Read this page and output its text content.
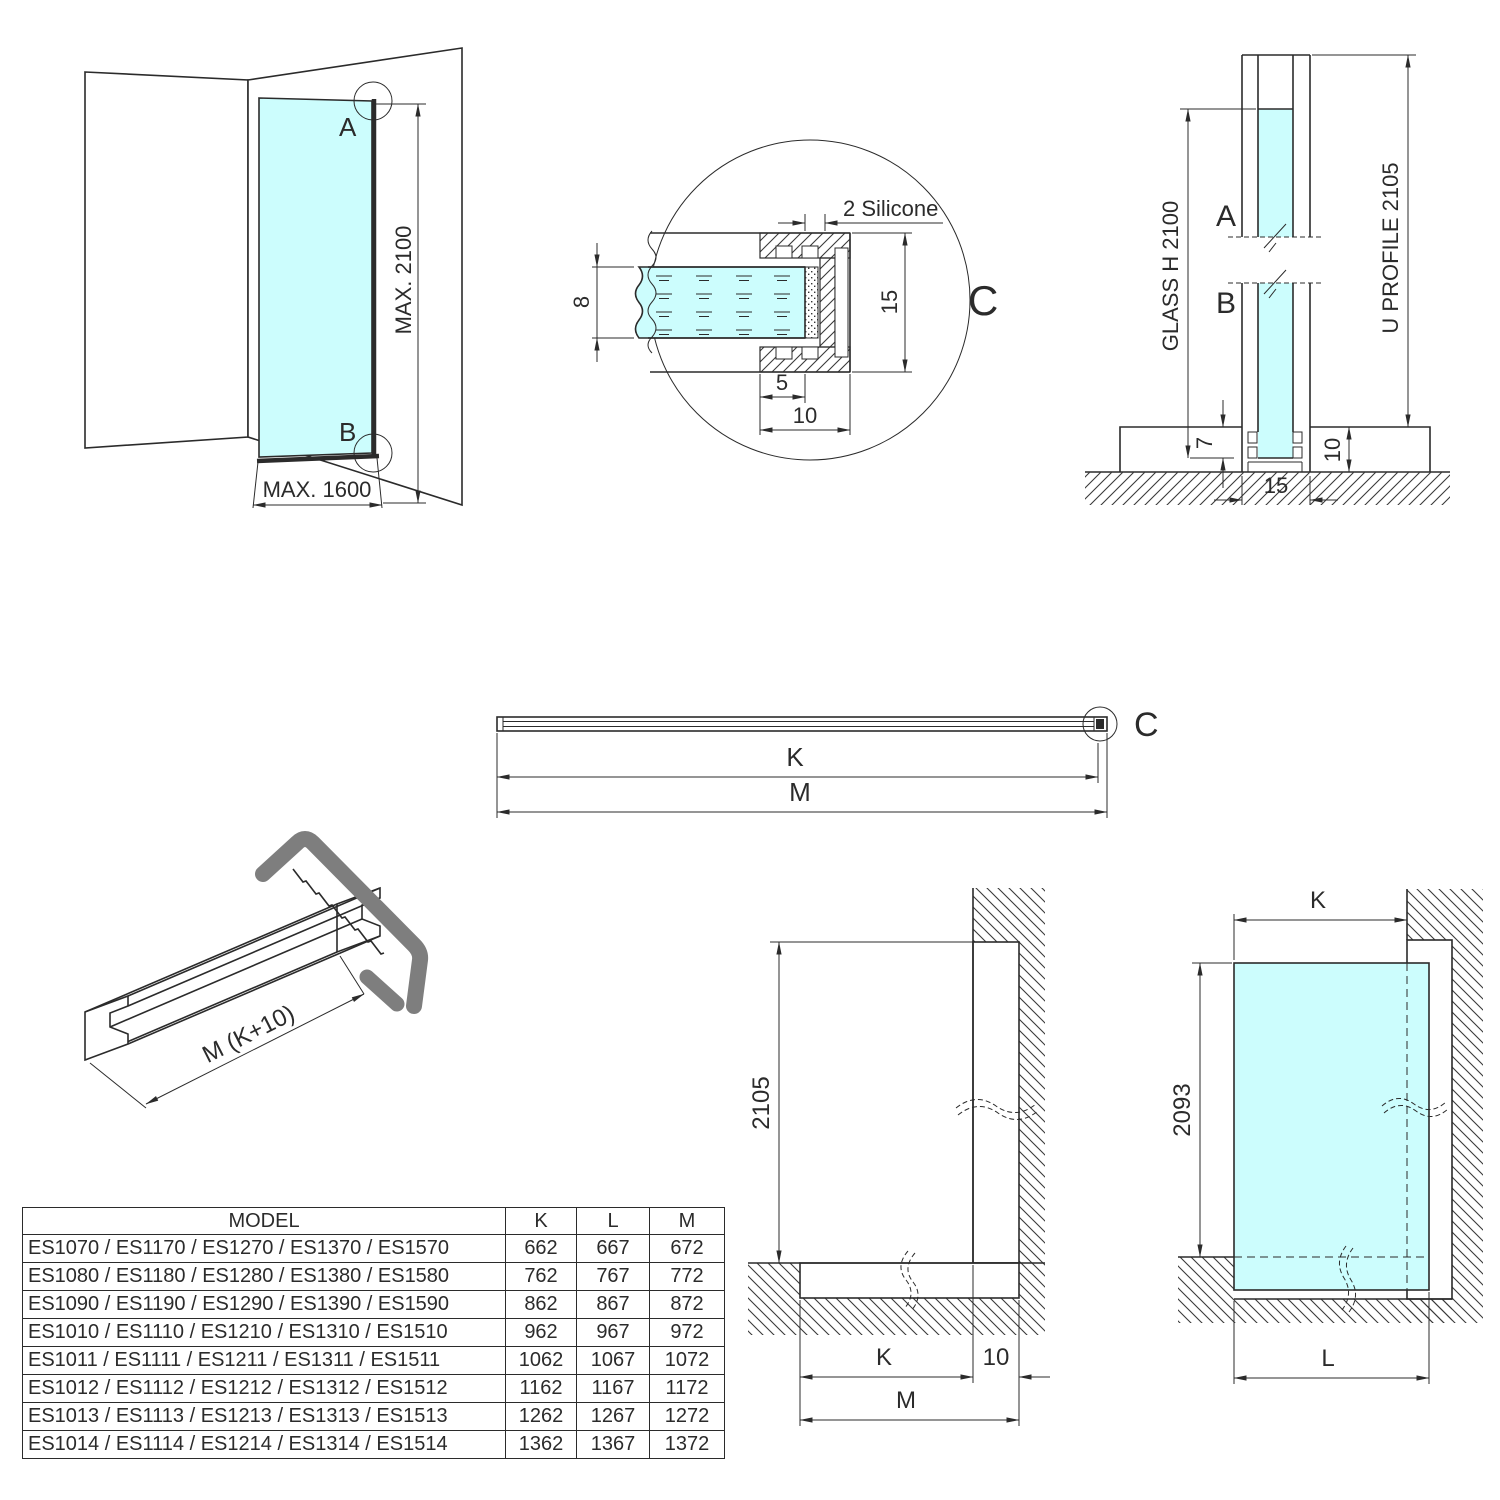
A
B
MAX. 2100
MAX. 1600
8	15
5
10
2 Silicone
C
A
B
GLASS H 2100	U PROFILE 2105
7	10
15
C
K
M
M (K+10)
2105
K	10
M
K
2093
L
MODEL	K	L	M
ES1070 / ES1170 / ES1270 / ES1370 / ES1570	662	667	672
ES1080 / ES1180 / ES1280 / ES1380 / ES1580	762	767	772
ES1090 / ES1190 / ES1290 / ES1390 / ES1590	862	867	872
ES1010 / ES1110 / ES1210 / ES1310 / ES1510	962	967	972
ES1011 / ES1111 / ES1211 / ES1311 / ES1511	1062	1067	1072
ES1012 / ES1112 / ES1212 / ES1312 / ES1512	1162	1167	1172
ES1013 / ES1113 / ES1213 / ES1313 / ES1513	1262	1267	1272
ES1014 / ES1114 / ES1214 / ES1314 / ES1514	1362	1367	1372
